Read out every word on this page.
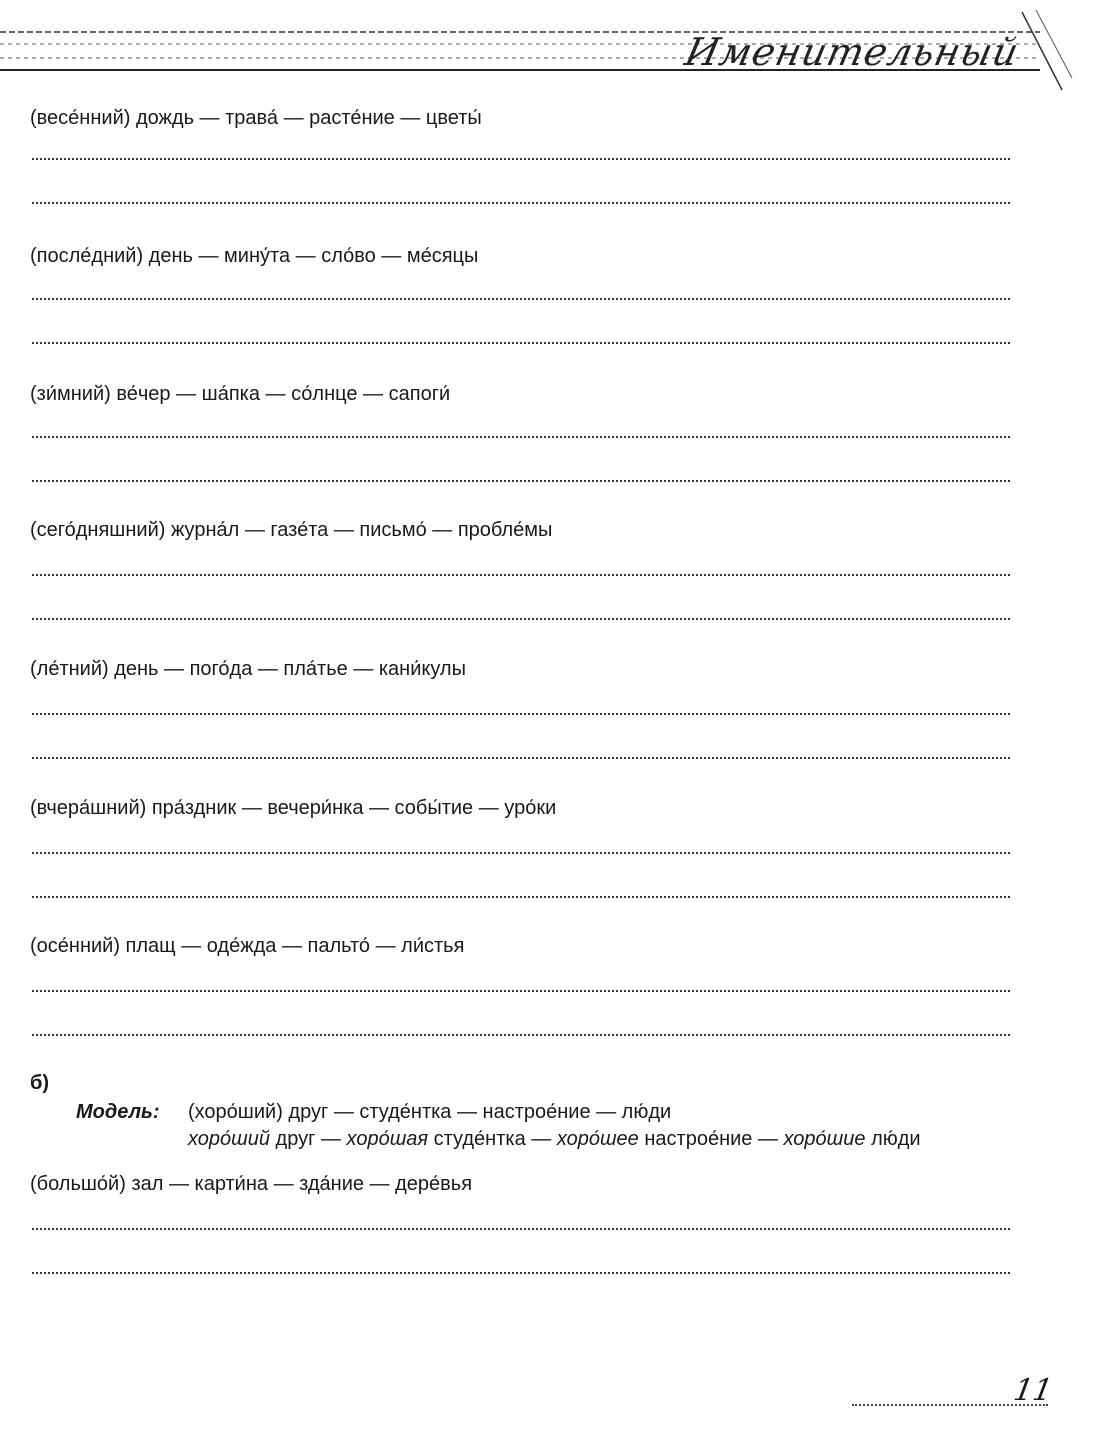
Именительный
(весе́нний) дождь — трава́ — расте́ние — цветы́
(после́дний) день — мину́та — сло́во — ме́сяцы
(зи́мний) ве́чер — ша́пка — со́лнце — сапоги́
(сего́дняшний) журна́л — газе́та — письмо́ — пробле́мы
(ле́тний) день — пого́да — пла́тье — кани́кулы
(вчера́шний) пра́здник — вечери́нка — собы́тие — уро́ки
(осе́нний) плащ — оде́жда — пальто́ — ли́стья
б)
Модель: (хоро́ший) друг — студе́нтка — настрое́ние — лю́ди
хоро́ший друг — хоро́шая студе́нтка — хоро́шее настрое́ние — хоро́шие лю́ди
(большо́й) зал — карти́на — зда́ние — дере́вья
11
